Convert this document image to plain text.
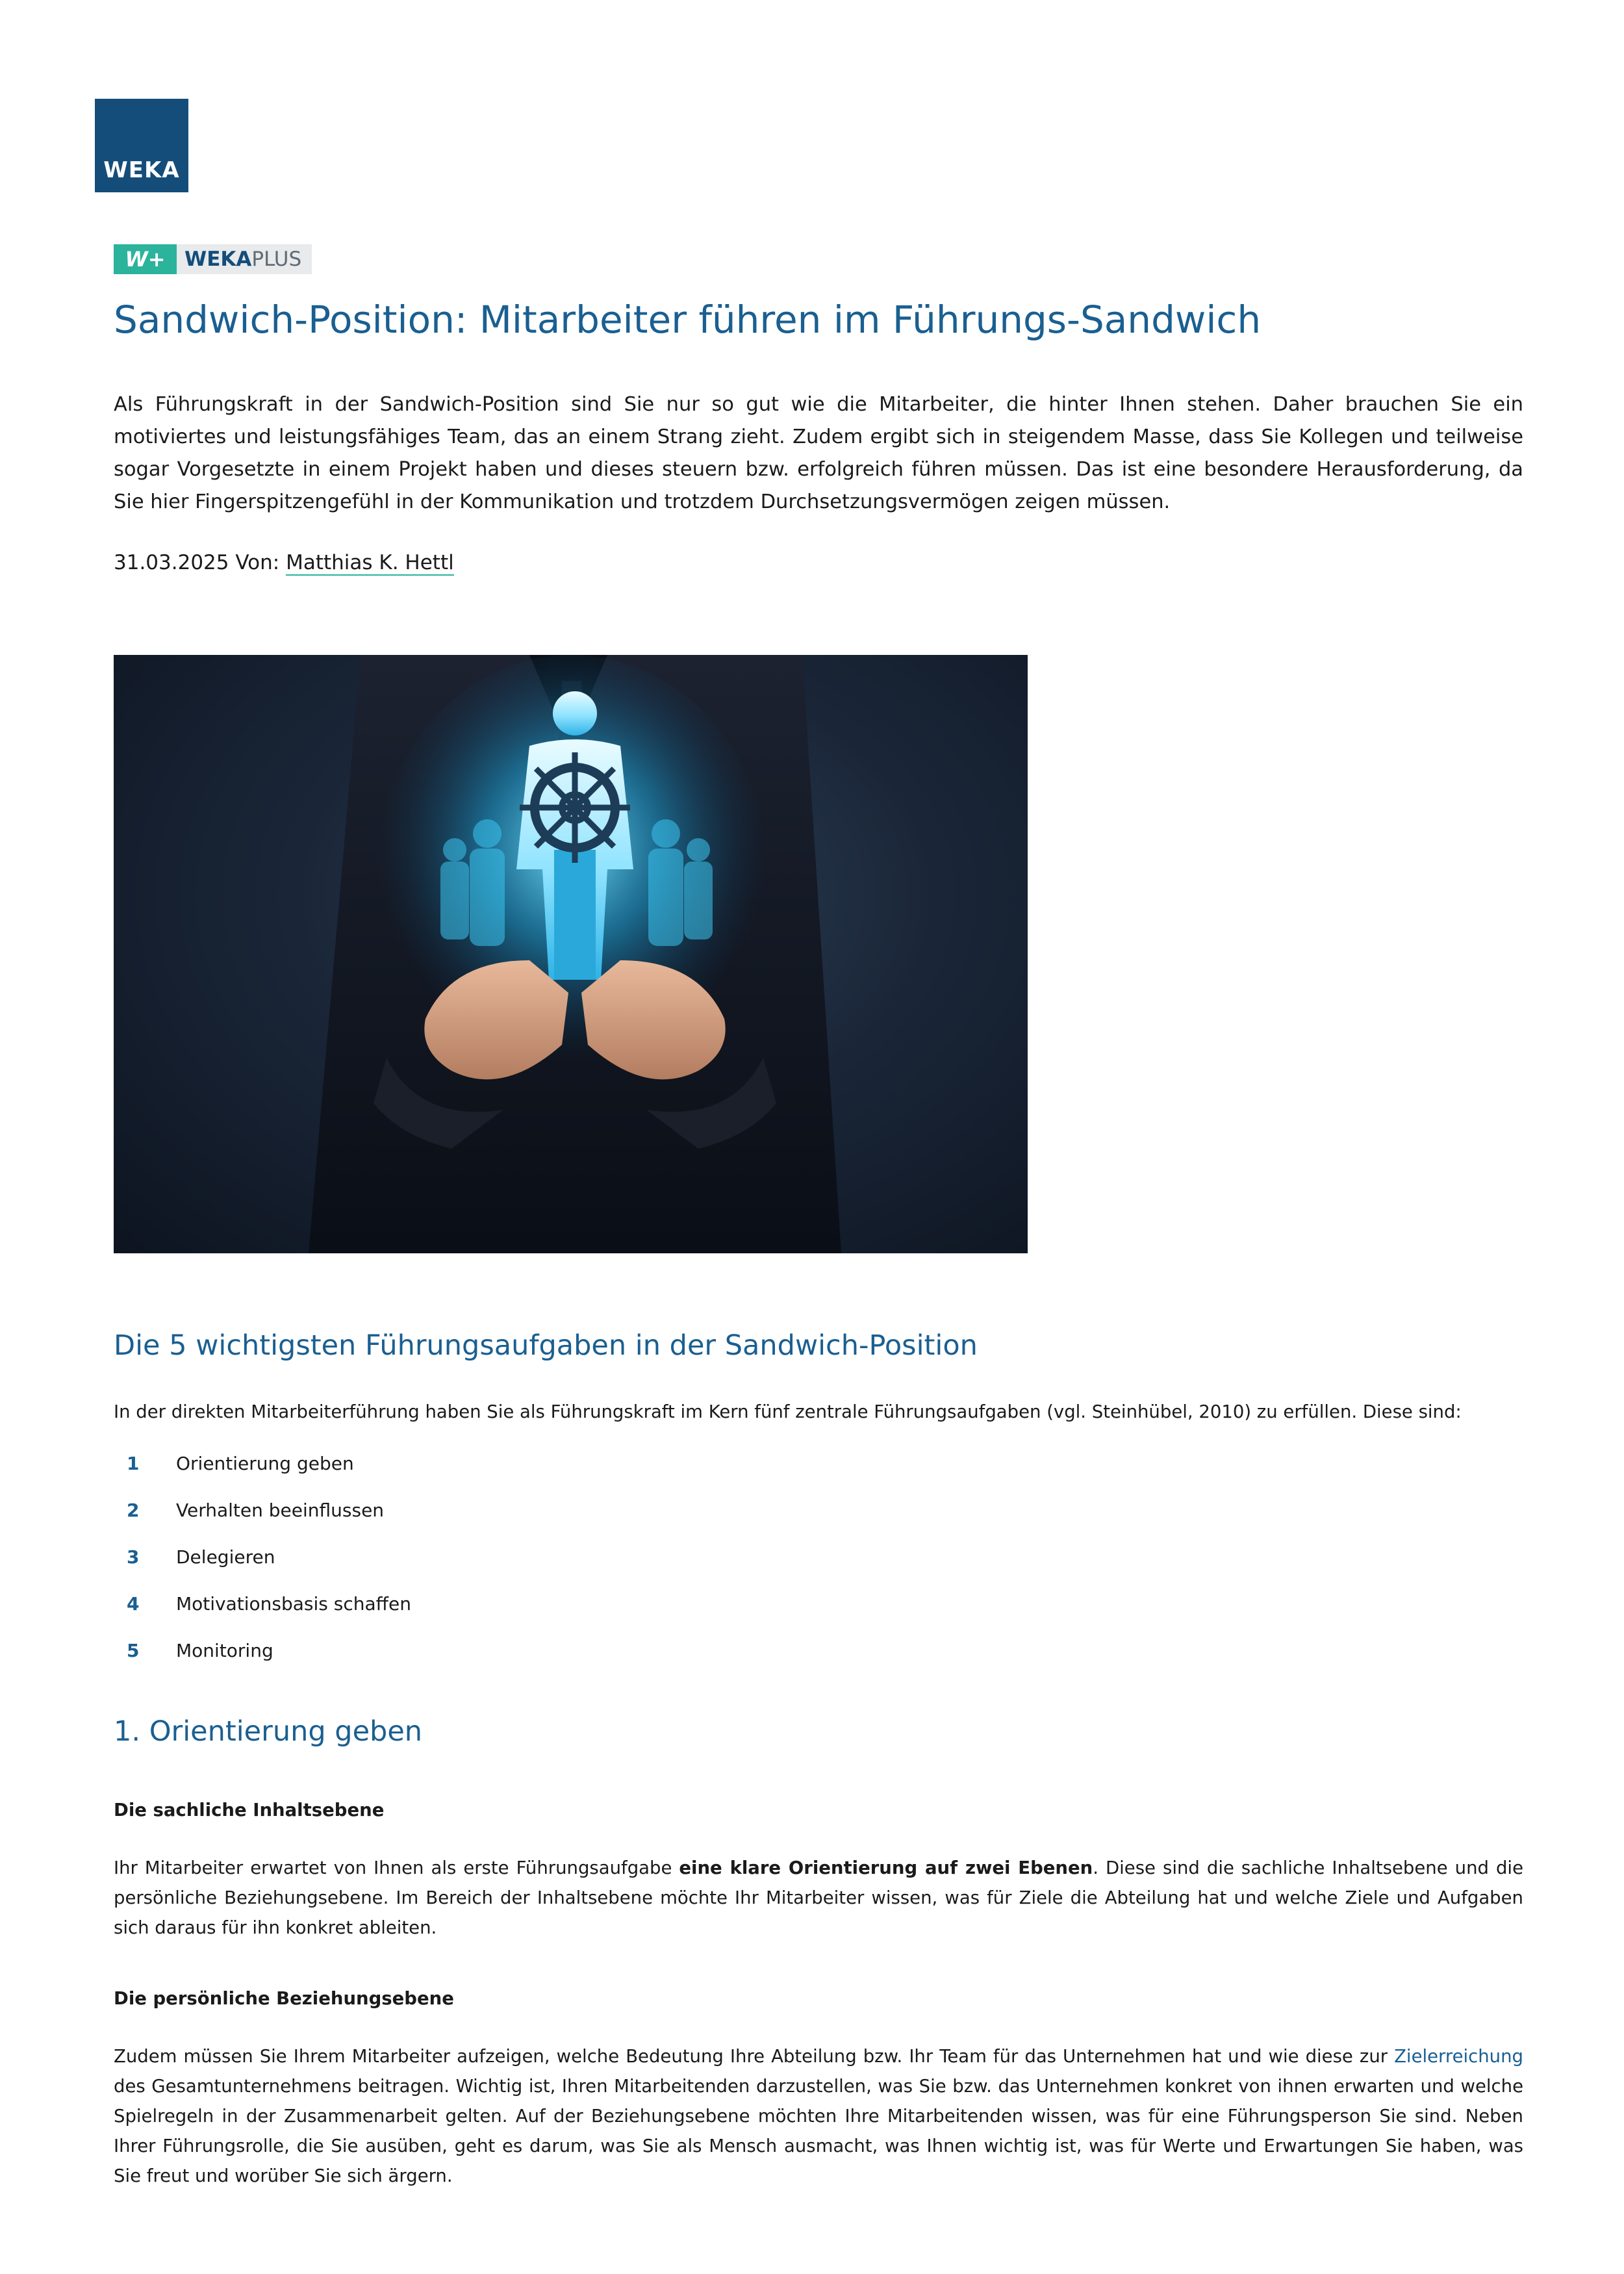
WEKA
W+ WEKAPLUS
Sandwich-Position: Mitarbeiter führen im Führungs-Sandwich

Als Führungskraft in der Sandwich-Position sind Sie nur so gut wie die Mitarbeiter, die hinter Ihnen stehen. Daher brauchen Sie ein motiviertes und leistungsfähiges Team, das an einem Strang zieht. Zudem ergibt sich in steigendem Masse, dass Sie Kollegen und teilweise sogar Vorgesetzte in einem Projekt haben und dieses steuern bzw. erfolgreich führen müssen. Das ist eine besondere Herausforderung, da Sie hier Fingerspitzengefühl in der Kommunikation und trotzdem Durchsetzungsvermögen zeigen müssen.

31.03.2025 Von: Matthias K. Hettl
Die 5 wichtigsten Führungsaufgaben in der Sandwich-Position

In der direkten Mitarbeiterführung haben Sie als Führungskraft im Kern fünf zentrale Führungsaufgaben (vgl. Steinhübel, 2010) zu erfüllen. Diese sind:

1	Orientierung geben
2	Verhalten beeinflussen
3	Delegieren
4	Motivationsbasis schaffen
5	Monitoring
1. Orientierung geben
Die sachliche Inhaltsebene

Ihr Mitarbeiter erwartet von Ihnen als erste Führungsaufgabe eine klare Orientierung auf zwei Ebenen. Diese sind die sachliche Inhaltsebene und die persönliche Beziehungsebene. Im Bereich der Inhaltsebene möchte Ihr Mitarbeiter wissen, was für Ziele die Abteilung hat und welche Ziele und Aufgaben sich daraus für ihn konkret ableiten.

Die persönliche Beziehungsebene

Zudem müssen Sie Ihrem Mitarbeiter aufzeigen, welche Bedeutung Ihre Abteilung bzw. Ihr Team für das Unternehmen hat und wie diese zur Zielerreichung des Gesamtunternehmens beitragen. Wichtig ist, Ihren Mitarbeitenden darzustellen, was Sie bzw. das Unternehmen konkret von ihnen erwarten und welche Spielregeln in der Zusammenarbeit gelten. Auf der Beziehungsebene möchten Ihre Mitarbeitenden wissen, was für eine Führungsperson Sie sind. Neben Ihrer Führungsrolle, die Sie ausüben, geht es darum, was Sie als Mensch ausmacht, was Ihnen wichtig ist, was für Werte und Erwartungen Sie haben, was Sie freut und worüber Sie sich ärgern.
